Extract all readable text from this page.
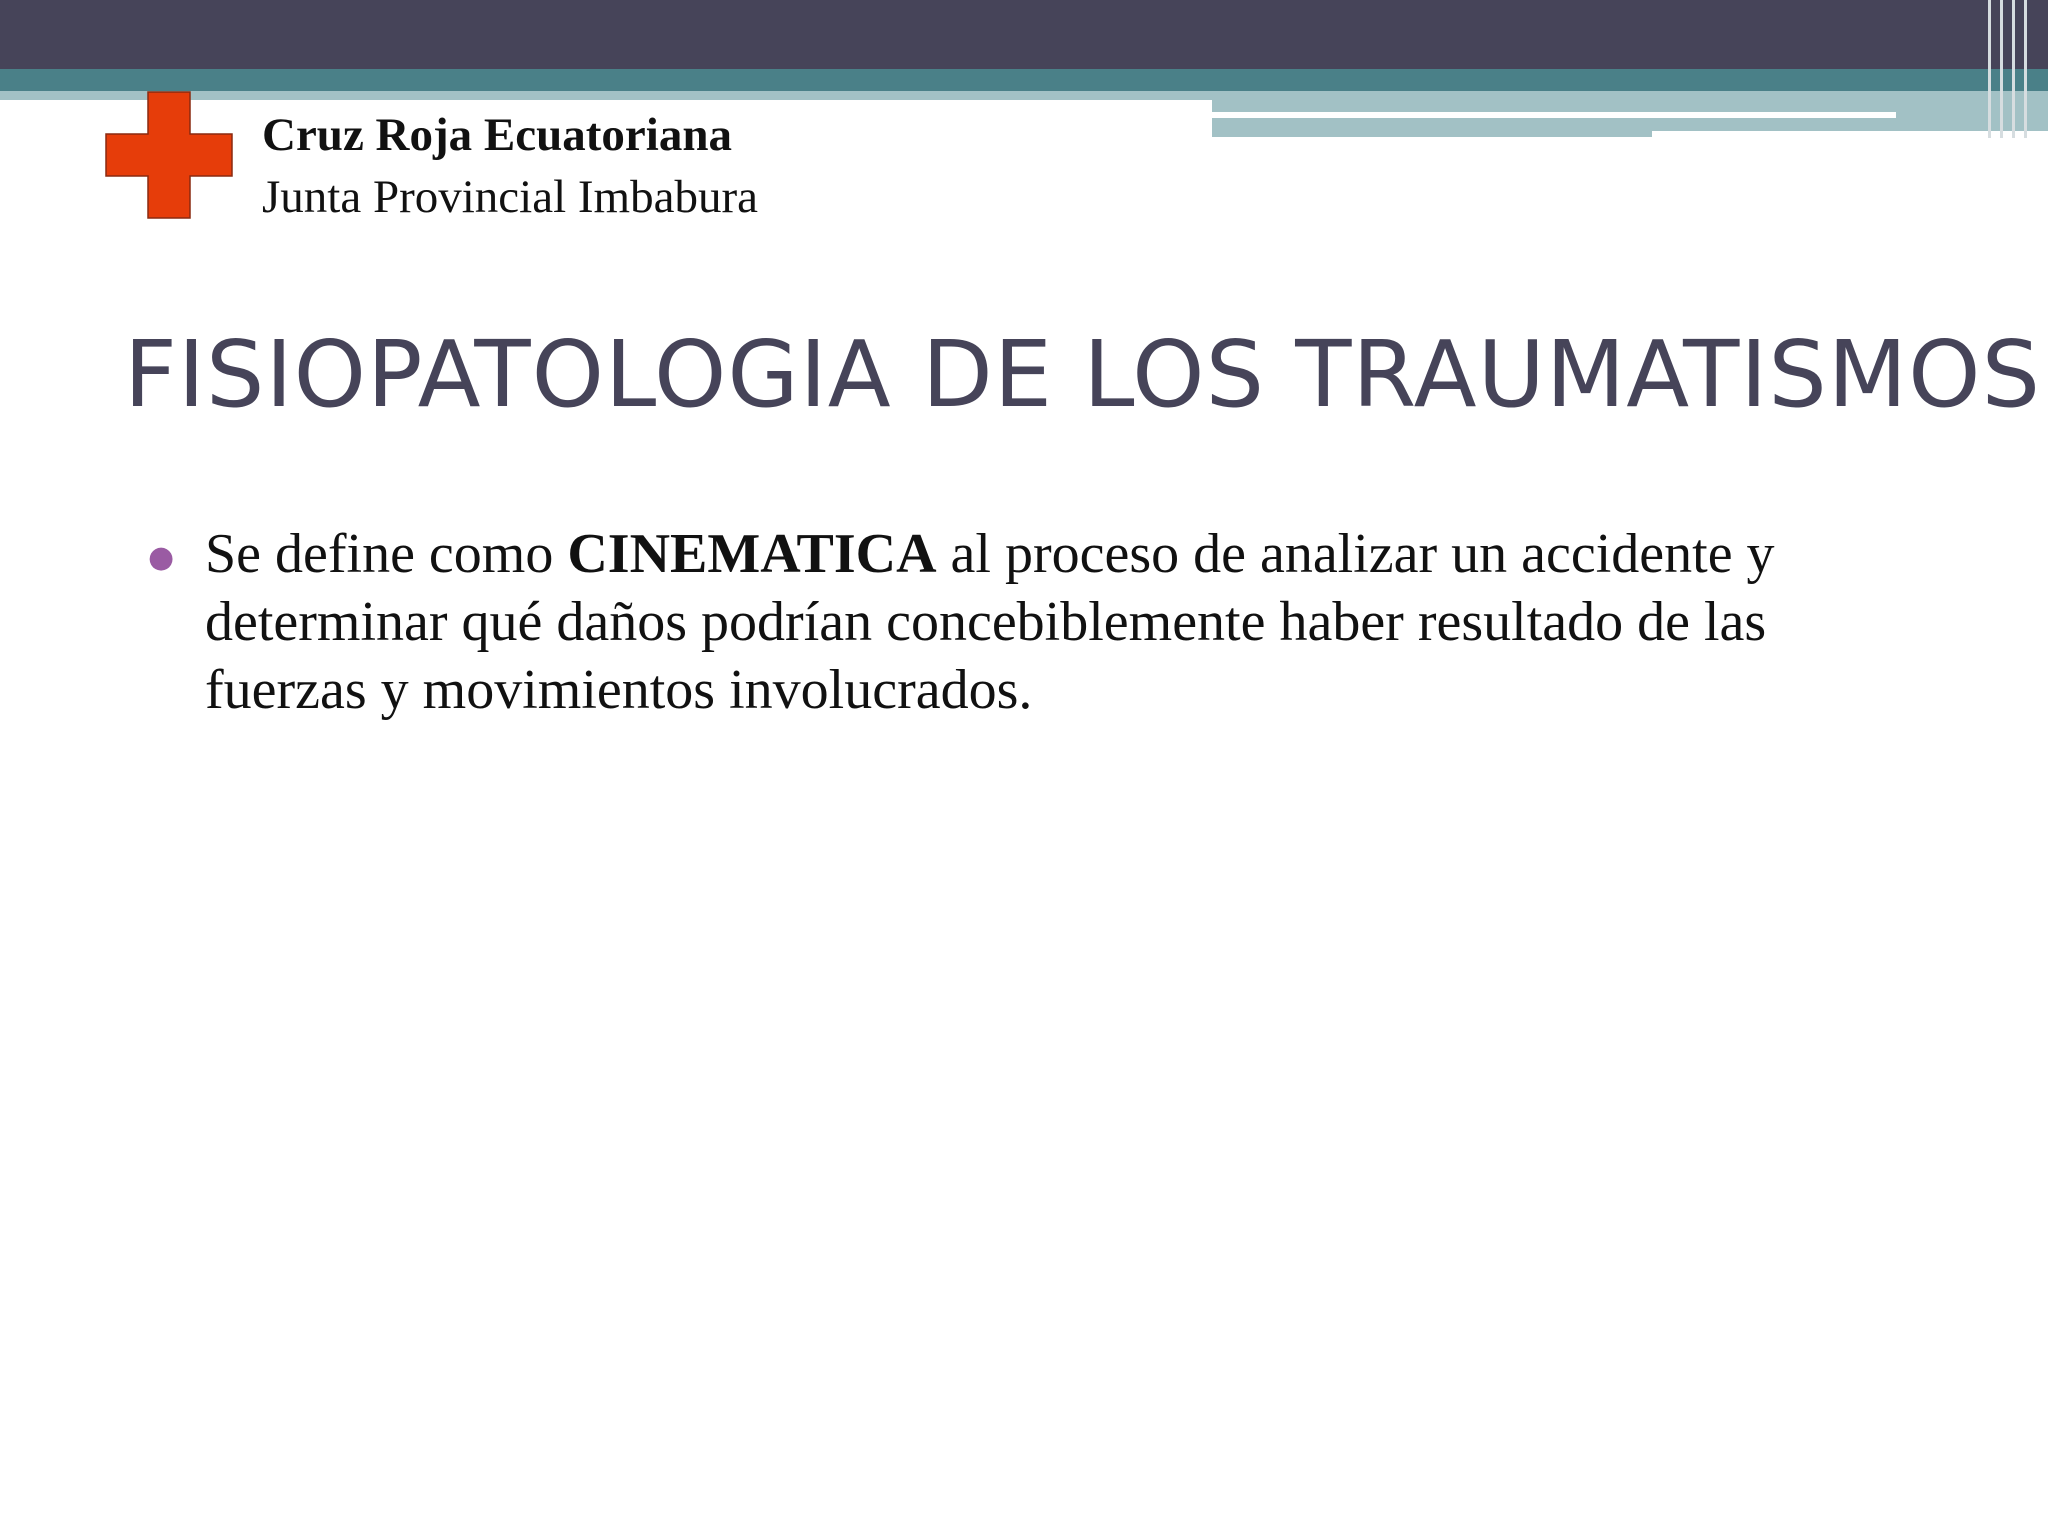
Cruz Roja Ecuatoriana
Junta Provincial Imbabura
FISIOPATOLOGIA DE LOS TRAUMATISMOS
● Se define como CINEMATICA al proceso de analizar un accidente y determinar qué daños podrían concebiblemente haber resultado de las fuerzas y movimientos involucrados.
